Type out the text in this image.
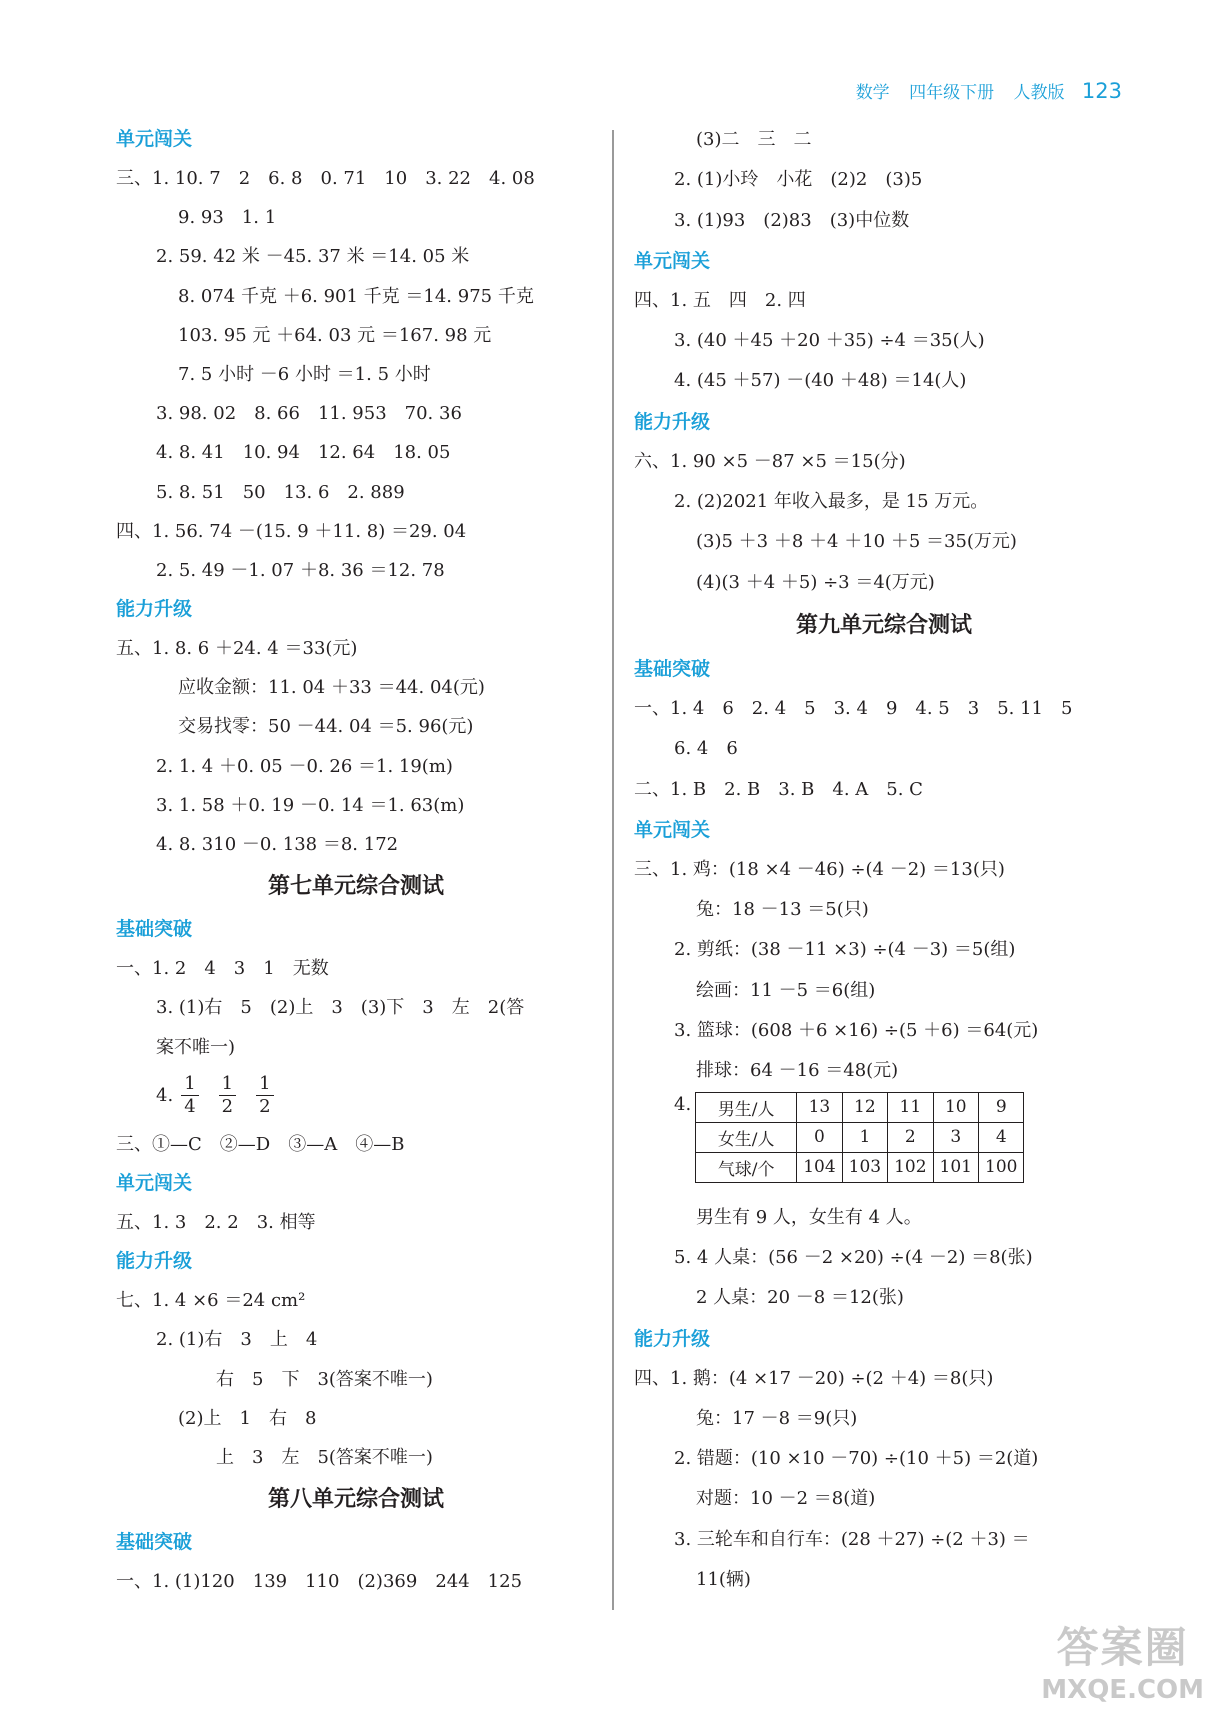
数学 四年级下册 人教版 123
单元闯关
三、1. 10. 7　2　6. 8　0. 71　10　3. 22　4. 08
9. 93　1. 1
2. 59. 42 米 －45. 37 米 ＝14. 05 米
8. 074 千克 ＋6. 901 千克 ＝14. 975 千克
103. 95 元 ＋64. 03 元 ＝167. 98 元
7. 5 小时 －6 小时 ＝1. 5 小时
3. 98. 02　8. 66　11. 953　70. 36
4. 8. 41　10. 94　12. 64　18. 05
5. 8. 51　50　13. 6　2. 889
四、1. 56. 74 －(15. 9 ＋11. 8) ＝29. 04
2. 5. 49 －1. 07 ＋8. 36 ＝12. 78
能力升级
五、1. 8. 6 ＋24. 4 ＝33(元)
应收金额：11. 04 ＋33 ＝44. 04(元)
交易找零：50 －44. 04 ＝5. 96(元)
2. 1. 4 ＋0. 05 －0. 26 ＝1. 19(m)
3. 1. 58 ＋0. 19 －0. 14 ＝1. 63(m)
4. 8. 310 －0. 138 ＝8. 172
第七单元综合测试
基础突破
一、1. 2　4　3　1　无数
3. (1)右　5　(2)上　3　(3)下　3　左　2(答
案不唯一)
4. $\frac{1}{4} \frac{1}{2} \frac{1}{2}$
三、①—C　②—D　③—A　④—B
单元闯关
五、1. 3　2. 2　3. 相等
能力升级
七、1. 4 ×6 ＝24 cm²
2. (1)右　3　上　4
右　5　下　3(答案不唯一)
(2)上　1　右　8
上　3　左　5(答案不唯一)
第八单元综合测试
基础突破
一、1. (1)120　139　110　(2)369　244　125
(3)二　三　二
2. (1)小玲　小花　(2)2　(3)5
3. (1)93　(2)83　(3)中位数
单元闯关
四、1. 五　四　2. 四
3. (40 ＋45 ＋20 ＋35) ÷4 ＝35(人)
4. (45 ＋57) －(40 ＋48) ＝14(人)
能力升级
六、1. 90 ×5 －87 ×5 ＝15(分)
2. (2)2021 年收入最多，是 15 万元。
(3)5 ＋3 ＋8 ＋4 ＋10 ＋5 ＝35(万元)
(4)(3 ＋4 ＋5) ÷3 ＝4(万元)
第九单元综合测试
基础突破
一、1. 4　6　2. 4　5　3. 4　9　4. 5　3　5. 11　5
6. 4　6
二、1. B　2. B　3. B　4. A　5. C
单元闯关
三、1. 鸡：(18 ×4 －46) ÷(4 －2) ＝13(只)
兔：18 －13 ＝5(只)
2. 剪纸：(38 －11 ×3) ÷(4 －3) ＝5(组)
绘画：11 －5 ＝6(组)
3. 篮球：(608 ＋6 ×16) ÷(5 ＋6) ＝64(元)
排球：64 －16 ＝48(元)
4. 男生/人	13	12	11	10	9
女生/人	0	1	2	3	4
气球/个	104	103	102	101	100
男生有 9 人，女生有 4 人。
5. 4 人桌：(56 －2 ×20) ÷(4 －2) ＝8(张)
2 人桌：20 －8 ＝12(张)
能力升级
四、1. 鹅：(4 ×17 －20) ÷(2 ＋4) ＝8(只)
兔：17 －8 ＝9(只)
2. 错题：(10 ×10 －70) ÷(10 ＋5) ＝2(道)
对题：10 －2 ＝8(道)
3. 三轮车和自行车：(28 ＋27) ÷(2 ＋3) ＝
11(辆)
答案圈
MXQE.COM
